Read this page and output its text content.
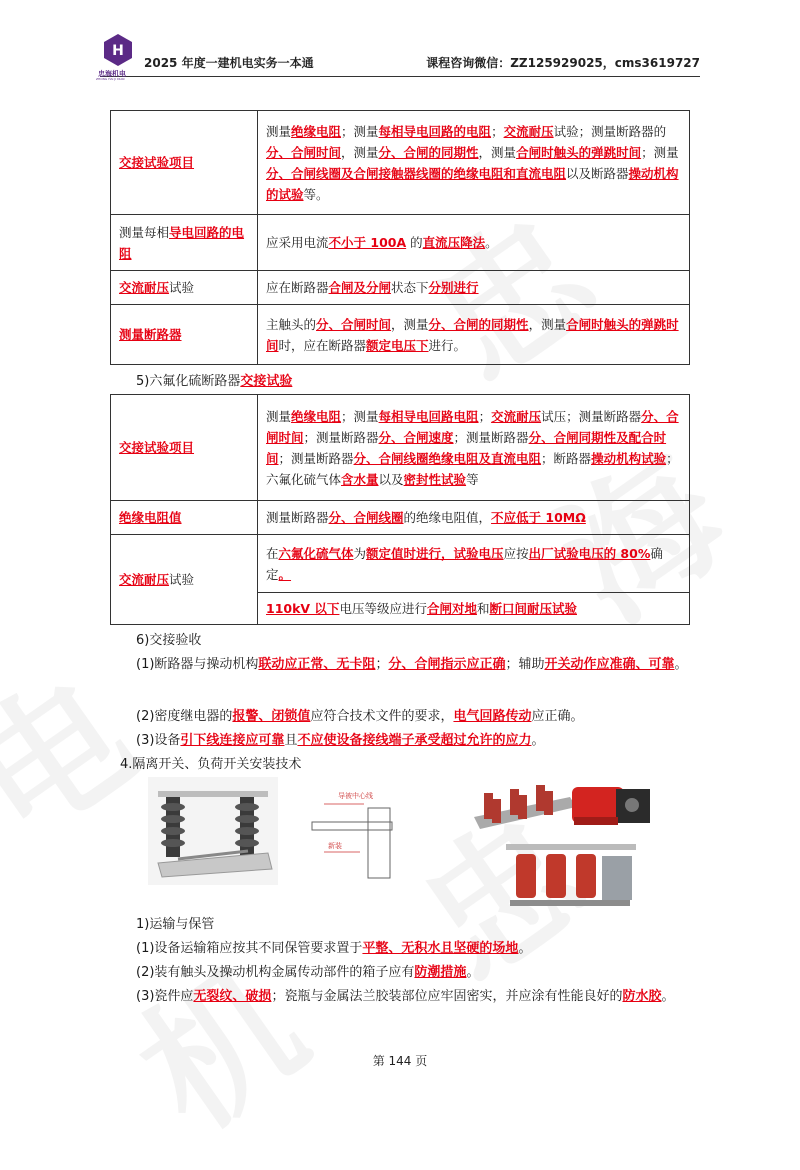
H
忠海机电
ZHONG HAI JI DIAN
2025 年度一建机电实务一本通	课程咨询微信：ZZ125929025，cms3619727
交接试验项目	测量绝缘电阻；测量每相导电回路的电阻；交流耐压试验；测量断路器的分、合闸时间，测量分、合闸的同期性，测量合闸时触头的弹跳时间；测量分、合闸线圈及合闸接触器线圈的绝缘电阻和直流电阻以及断路器操动机构的试验等。
测量每相导电回路的电阻	应采用电流不小于 100A 的直流压降法。
交流耐压试验	应在断路器合闸及分闸状态下分别进行
测量断路器	主触头的分、合闸时间，测量分、合闸的同期性，测量合闸时触头的弹跳时间时，应在断路器额定电压下进行。
5)六氟化硫断路器交接试验
交接试验项目	测量绝缘电阻；测量每相导电回路电阻；交流耐压试压；测量断路器分、合闸时间；测量断路器分、合闸速度；测量断路器分、合闸同期性及配合时间；测量断路器分、合闸线圈绝缘电阻及直流电阻；断路器操动机构试验；六氟化硫气体含水量以及密封性试验等
绝缘电阻值	测量断路器分、合闸线圈的绝缘电阻值，不应低于 10MΩ
交流耐压试验	在六氟化硫气体为额定值时进行，试验电压应按出厂试验电压的 80%确定。
	110kV 以下电压等级应进行合闸对地和断口间耐压试验
6)交接验收
(1)断路器与操动机构联动应正常、无卡阻；分、合闸指示应正确；辅助开关动作应准确、可靠。
(2)密度继电器的报警、闭锁值应符合技术文件的要求，电气回路传动应正确。
(3)设备引下线连接应可靠且不应使设备接线端子承受超过允许的应力。
4.隔离开关、负荷开关安装技术
导被中心线
新装
1)运输与保管
(1)设备运输箱应按其不同保管要求置于平整、无积水且坚硬的场地。
(2)装有触头及操动机构金属传动部件的箱子应有防潮措施。
(3)瓷件应无裂纹、破损；瓷瓶与金属法兰胶装部位应牢固密实，并应涂有性能良好的防水胶。
第 144 页
